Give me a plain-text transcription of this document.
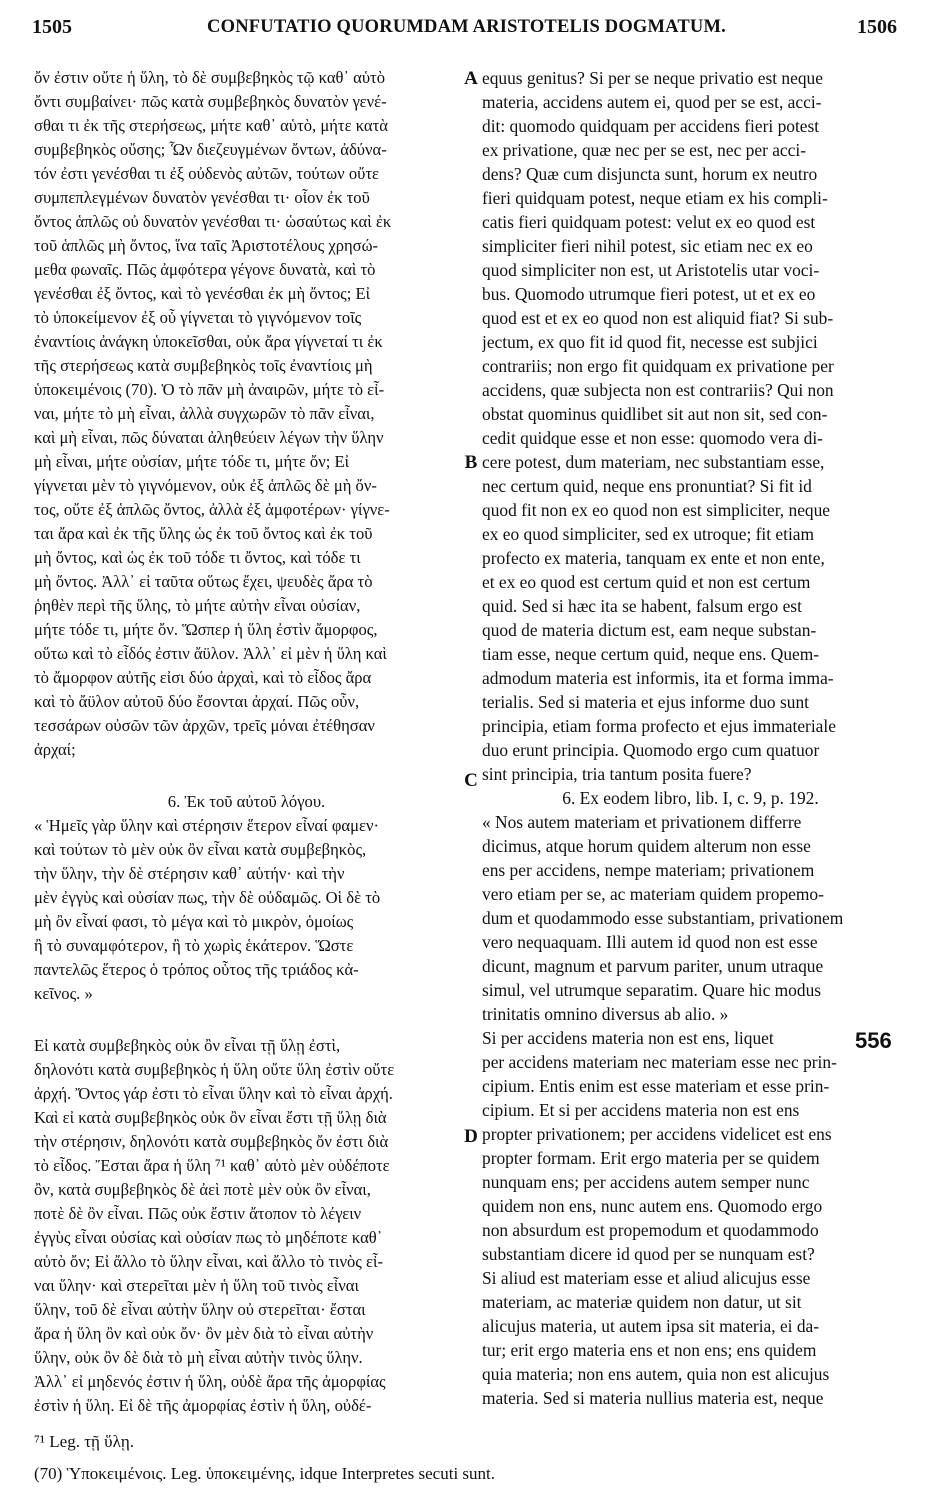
1505	CONFUTATIO QUORUMDAM ARISTOTELIS DOGMATUM.	1506
ὄν ἐστιν οὔτε ἡ ὕλη, τὸ δὲ συμβεβηκὸς τῷ καθ᾽ αὑτὸ
ὄντι συμβαίνει· πῶς κατὰ συμβεβηκὸς δυνατὸν γενέ-
σθαι τι ἐκ τῆς στερήσεως, μήτε καθ᾽ αὑτὸ, μήτε κατὰ
συμβεβηκὸς οὔσης; Ὧν διεζευγμένων ὄντων, ἀδύνα-
τόν ἐστι γενέσθαι τι ἐξ οὐδενὸς αὐτῶν, τούτων οὔτε
συμπεπλεγμένων δυνατὸν γενέσθαι τι· οἷον ἐκ τοῦ
ὄντος ἁπλῶς οὐ δυνατὸν γενέσθαι τι· ὡσαύτως καὶ ἐκ
τοῦ ἁπλῶς μὴ ὄντος, ἵνα ταῖς Ἀριστοτέλους χρησώ-
μεθα φωναῖς. Πῶς ἀμφότερα γέγονε δυνατὰ, καὶ τὸ
γενέσθαι ἐξ ὄντος, καὶ τὸ γενέσθαι ἐκ μὴ ὄντος; Εἰ
τὸ ὑποκείμενον ἐξ οὗ γίγνεται τὸ γιγνόμενον τοῖς
ἐναντίοις ἀνάγκη ὑποκεῖσθαι, οὐκ ἄρα γίγνεταί τι ἐκ
τῆς στερήσεως κατὰ συμβεβηκὸς τοῖς ἐναντίοις μὴ
ὑποκειμένοις (70). Ὁ τὸ πᾶν μὴ ἀναιρῶν, μήτε τὸ εἶ-
ναι, μήτε τὸ μὴ εἶναι, ἀλλὰ συγχωρῶν τὸ πᾶν εἶναι,
καὶ μὴ εἶναι, πῶς δύναται ἀληθεύειν λέγων τὴν ὕλην
μὴ εἶναι, μήτε οὐσίαν, μήτε τόδε τι, μήτε ὄν; Εἰ
γίγνεται μὲν τὸ γιγνόμενον, οὐκ ἐξ ἁπλῶς δὲ μὴ ὄν-
τος, οὔτε ἐξ ἁπλῶς ὄντος, ἀλλὰ ἐξ ἀμφοτέρων· γίγνε-
ται ἄρα καὶ ἐκ τῆς ὕλης ὡς ἐκ τοῦ ὄντος καὶ ἐκ τοῦ
μὴ ὄντος, καὶ ὡς ἐκ τοῦ τόδε τι ὄντος, καὶ τόδε τι
μὴ ὄντος. Ἀλλ᾽ εἰ ταῦτα οὕτως ἔχει, ψευδὲς ἄρα τὸ
ῥηθὲν περὶ τῆς ὕλης, τὸ μήτε αὐτὴν εἶναι οὐσίαν,
μήτε τόδε τι, μήτε ὄν. Ὥσπερ ἡ ὕλη ἐστὶν ἄμορφος,
οὕτω καὶ τὸ εἶδός ἐστιν ἄϋλον. Ἀλλ᾽ εἰ μὲν ἡ ὕλη καὶ
τὸ ἄμορφον αὐτῆς εἰσι δύο ἀρχαὶ, καὶ τὸ εἶδος ἄρα
καὶ τὸ ἄϋλον αὐτοῦ δύο ἔσονται ἀρχαί. Πῶς οὖν,
τεσσάρων οὐσῶν τῶν ἀρχῶν, τρεῖς μόναι ἐτέθησαν
ἀρχαί;
6. Ἐκ τοῦ αὐτοῦ λόγου.
« Ἡμεῖς γὰρ ὕλην καὶ στέρησιν ἕτερον εἶναί φαμεν·
καὶ τούτων τὸ μὲν οὐκ ὂν εἶναι κατὰ συμβεβηκὸς,
τὴν ὕλην, τὴν δὲ στέρησιν καθ᾽ αὑτήν· καὶ τὴν
μὲν ἐγγὺς καὶ οὐσίαν πως, τὴν δὲ οὐδαμῶς. Οἱ δὲ τὸ
μὴ ὂν εἶναί φασι, τὸ μέγα καὶ τὸ μικρὸν, ὁμοίως
ἢ τὸ συναμφότερον, ἢ τὸ χωρὶς ἑκάτερον. Ὥστε
παντελῶς ἕτερος ὁ τρόπος οὗτος τῆς τριάδος κἀ-
κεῖνος. »
Εἰ κατὰ συμβεβηκὸς οὐκ ὂν εἶναι τῇ ὕλῃ ἐστὶ,
δηλονότι κατὰ συμβεβηκὸς ἡ ὕλη οὔτε ὕλη ἐστὶν οὔτε
ἀρχή. Ὄντος γάρ ἐστι τὸ εἶναι ὕλην καὶ τὸ εἶναι ἀρχή.
Καὶ εἰ κατὰ συμβεβηκὸς οὐκ ὂν εἶναι ἔστι τῇ ὕλῃ διὰ
τὴν στέρησιν, δηλονότι κατὰ συμβεβηκὸς ὄν ἐστι διὰ
τὸ εἶδος. Ἔσται ἄρα ἡ ὕλη ⁷¹ καθ᾽ αὑτὸ μὲν οὐδέποτε
ὂν, κατὰ συμβεβηκὸς δὲ ἀεὶ ποτὲ μὲν οὐκ ὂν εἶναι,
ποτὲ δὲ ὂν εἶναι. Πῶς οὐκ ἔστιν ἄτοπον τὸ λέγειν
ἐγγὺς εἶναι οὐσίας καὶ οὐσίαν πως τὸ μηδέποτε καθ᾽
αὑτὸ ὄν; Εἰ ἄλλο τὸ ὕλην εἶναι, καὶ ἄλλο τὸ τινὸς εἶ-
ναι ὕλην· καὶ στερεῖται μὲν ἡ ὕλη τοῦ τινὸς εἶναι
ὕλην, τοῦ δὲ εἶναι αὐτὴν ὕλην οὐ στερεῖται· ἔσται
ἄρα ἡ ὕλη ὂν καὶ οὐκ ὄν· ὂν μὲν διὰ τὸ εἶναι αὐτὴν
ὕλην, οὐκ ὂν δὲ διὰ τὸ μὴ εἶναι αὐτὴν τινὸς ὕλην.
Ἀλλ᾽ εἰ μηδενός ἐστιν ἡ ὕλη, οὐδὲ ἄρα τῆς ἀμορφίας
ἐστὶν ἡ ὕλη. Εἰ δὲ τῆς ἀμορφίας ἐστὶν ἡ ὕλη, οὐδέ-
equus genitus? Si per se neque privatio est neque
materia, accidens autem ei, quod per se est, acci-
dit: quomodo quidquam per accidens fieri potest
ex privatione, quæ nec per se est, nec per acci-
dens? Quæ cum disjuncta sunt, horum ex neutro
fieri quidquam potest, neque etiam ex his compli-
catis fieri quidquam potest: velut ex eo quod est
simpliciter fieri nihil potest, sic etiam nec ex eo
quod simpliciter non est, ut Aristotelis utar voci-
bus. Quomodo utrumque fieri potest, ut et ex eo
quod est et ex eo quod non est aliquid fiat? Si sub-
jectum, ex quo fit id quod fit, necesse est subjici
contrariis; non ergo fit quidquam ex privatione per
accidens, quæ subjecta non est contrariis? Qui non
obstat quominus quidlibet sit aut non sit, sed con-
cedit quidque esse et non esse: quomodo vera di-
cere potest, dum materiam, nec substantiam esse,
nec certum quid, neque ens pronuntiat? Si fit id
quod fit non ex eo quod non est simpliciter, neque
ex eo quod simpliciter, sed ex utroque; fit etiam
profecto ex materia, tanquam ex ente et non ente,
et ex eo quod est certum quid et non est certum
quid. Sed si hæc ita se habent, falsum ergo est
quod de materia dictum est, eam neque substan-
tiam esse, neque certum quid, neque ens. Quem-
admodum materia est informis, ita et forma imma-
terialis. Sed si materia et ejus informe duo sunt
principia, etiam forma profecto et ejus immateriale
duo erunt principia. Quomodo ergo cum quatuor
sint principia, tria tantum posita fuere?
6. Ex eodem libro, lib. I, c. 9, p. 192.
« Nos autem materiam et privationem differre
dicimus, atque horum quidem alterum non esse
ens per accidens, nempe materiam; privationem
vero etiam per se, ac materiam quidem propemo-
dum et quodammodo esse substantiam, privationem
vero nequaquam. Illi autem id quod non est esse
dicunt, magnum et parvum pariter, unum utraque
simul, vel utrumque separatim. Quare hic modus
trinitatis omnino diversus ab alio. »
Si per accidens materia non est ens, liquet
per accidens materiam nec materiam esse nec prin-
cipium. Entis enim est esse materiam et esse prin-
cipium. Et si per accidens materia non est ens
propter privationem; per accidens videlicet est ens
propter formam. Erit ergo materia per se quidem
nunquam ens; per accidens autem semper nunc
quidem non ens, nunc autem ens. Quomodo ergo
non absurdum est propemodum et quodammodo
substantiam dicere id quod per se nunquam est?
Si aliud est materiam esse et aliud alicujus esse
materiam, ac materiæ quidem non datur, ut sit
alicujus materia, ut autem ipsa sit materia, ei da-
tur; erit ergo materia ens et non ens; ens quidem
quia materia; non ens autem, quia non est alicujus
materia. Sed si materia nullius materia est, neque
A
B
C
D
556
⁷¹ Leg. τῇ ὕλῃ.
(70) Ὑποκειμένοις. Leg. ὑποκειμένης, idque Interpretes secuti sunt.
